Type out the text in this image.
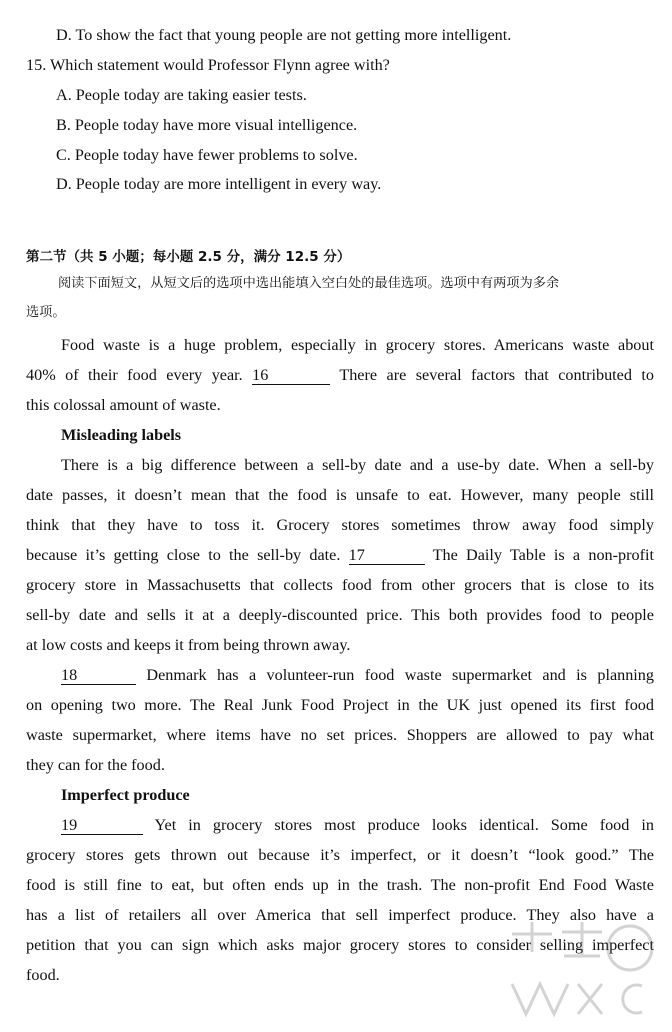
D. To show the fact that young people are not getting more intelligent.
15. Which statement would Professor Flynn agree with?
A. People today are taking easier tests.
B. People today have more visual intelligence.
C. People today have fewer problems to solve.
D. People today are more intelligent in every way.
第二节（共 5 小题；每小题 2.5 分，满分 12.5 分）
阅读下面短文，从短文后的选项中选出能填入空白处的最佳选项。选项中有两项为多余
选项。
Food waste is a huge problem, especially in grocery stores. Americans waste about
40% of their food every year. 16	There are several factors that contributed to
this colossal amount of waste.
Misleading labels
There is a big difference between a sell-by date and a use-by date. When a sell-by
date passes, it doesn’t mean that the food is unsafe to eat. However, many people still
think that they have to toss it. Grocery stores sometimes throw away food simply
because it’s getting close to the sell-by date. 17	The Daily Table is a non-profit
grocery store in Massachusetts that collects food from other grocers that is close to its
sell-by date and sells it at a deeply-discounted price. This both provides food to people
at low costs and keeps it from being thrown away.
18	Denmark has a volunteer-run food waste supermarket and is planning
on opening two more. The Real Junk Food Project in the UK just opened its first food
waste supermarket, where items have no set prices. Shoppers are allowed to pay what
they can for the food.
Imperfect produce
19	Yet in grocery stores most produce looks identical. Some food in
grocery stores gets thrown out because it’s imperfect, or it doesn’t “look good.” The
food is still fine to eat, but often ends up in the trash. The non-profit End Food Waste
has a list of retailers all over America that sell imperfect produce. They also have a
petition that you can sign which asks major grocery stores to consider selling imperfect
food.
